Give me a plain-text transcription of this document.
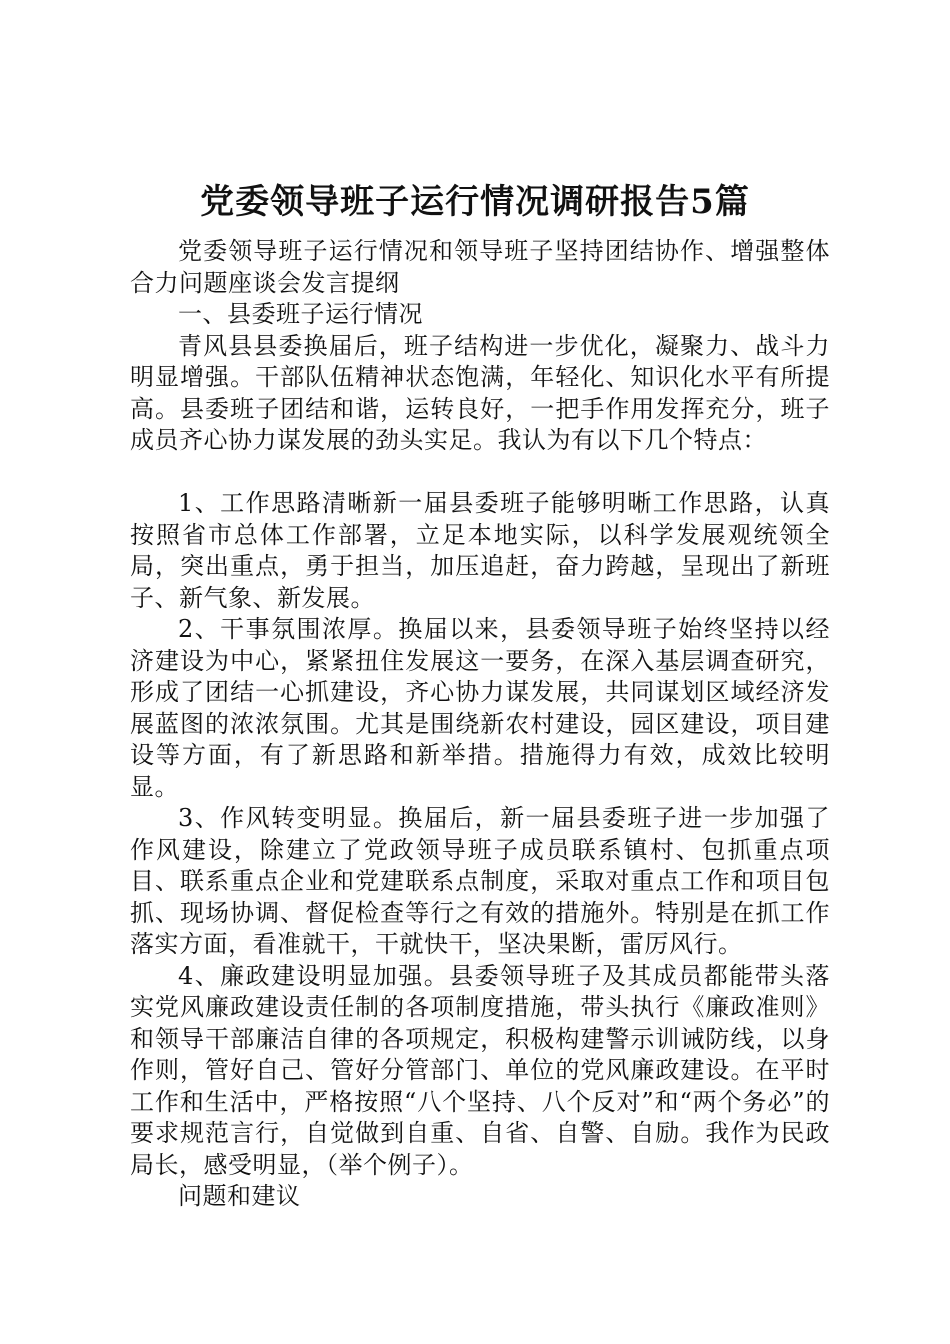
党委领导班子运行情况调研报告5篇

党委领导班子运行情况和领导班子坚持团结协作、增强整体合力问题座谈会发言提纲

一、县委班子运行情况

青风县县委换届后，班子结构进一步优化，凝聚力、战斗力明显增强。干部队伍精神状态饱满，年轻化、知识化水平有所提高。县委班子团结和谐，运转良好，一把手作用发挥充分，班子成员齐心协力谋发展的劲头实足。我认为有以下几个特点：

1、工作思路清晰新一届县委班子能够明晰工作思路，认真按照省市总体工作部署，立足本地实际，以科学发展观统领全局，突出重点，勇于担当，加压追赶，奋力跨越，呈现出了新班子、新气象、新发展。

2、干事氛围浓厚。换届以来，县委领导班子始终坚持以经济建设为中心，紧紧扭住发展这一要务，在深入基层调查研究，形成了团结一心抓建设，齐心协力谋发展，共同谋划区域经济发展蓝图的浓浓氛围。尤其是围绕新农村建设，园区建设，项目建设等方面，有了新思路和新举措。措施得力有效，成效比较明显。

3、作风转变明显。换届后，新一届县委班子进一步加强了作风建设，除建立了党政领导班子成员联系镇村、包抓重点项目、联系重点企业和党建联系点制度，采取对重点工作和项目包抓、现场协调、督促检查等行之有效的措施外。特别是在抓工作落实方面，看准就干，干就快干，坚决果断，雷厉风行。

4、廉政建设明显加强。县委领导班子及其成员都能带头落实党风廉政建设责任制的各项制度措施，带头执行《廉政准则》和领导干部廉洁自律的各项规定，积极构建警示训诫防线，以身作则，管好自己、管好分管部门、单位的党风廉政建设。在平时工作和生活中，严格按照“八个坚持、八个反对”和“两个务必”的要求规范言行，自觉做到自重、自省、自警、自励。我作为民政局长，感受明显，（举个例子）。

问题和建议
